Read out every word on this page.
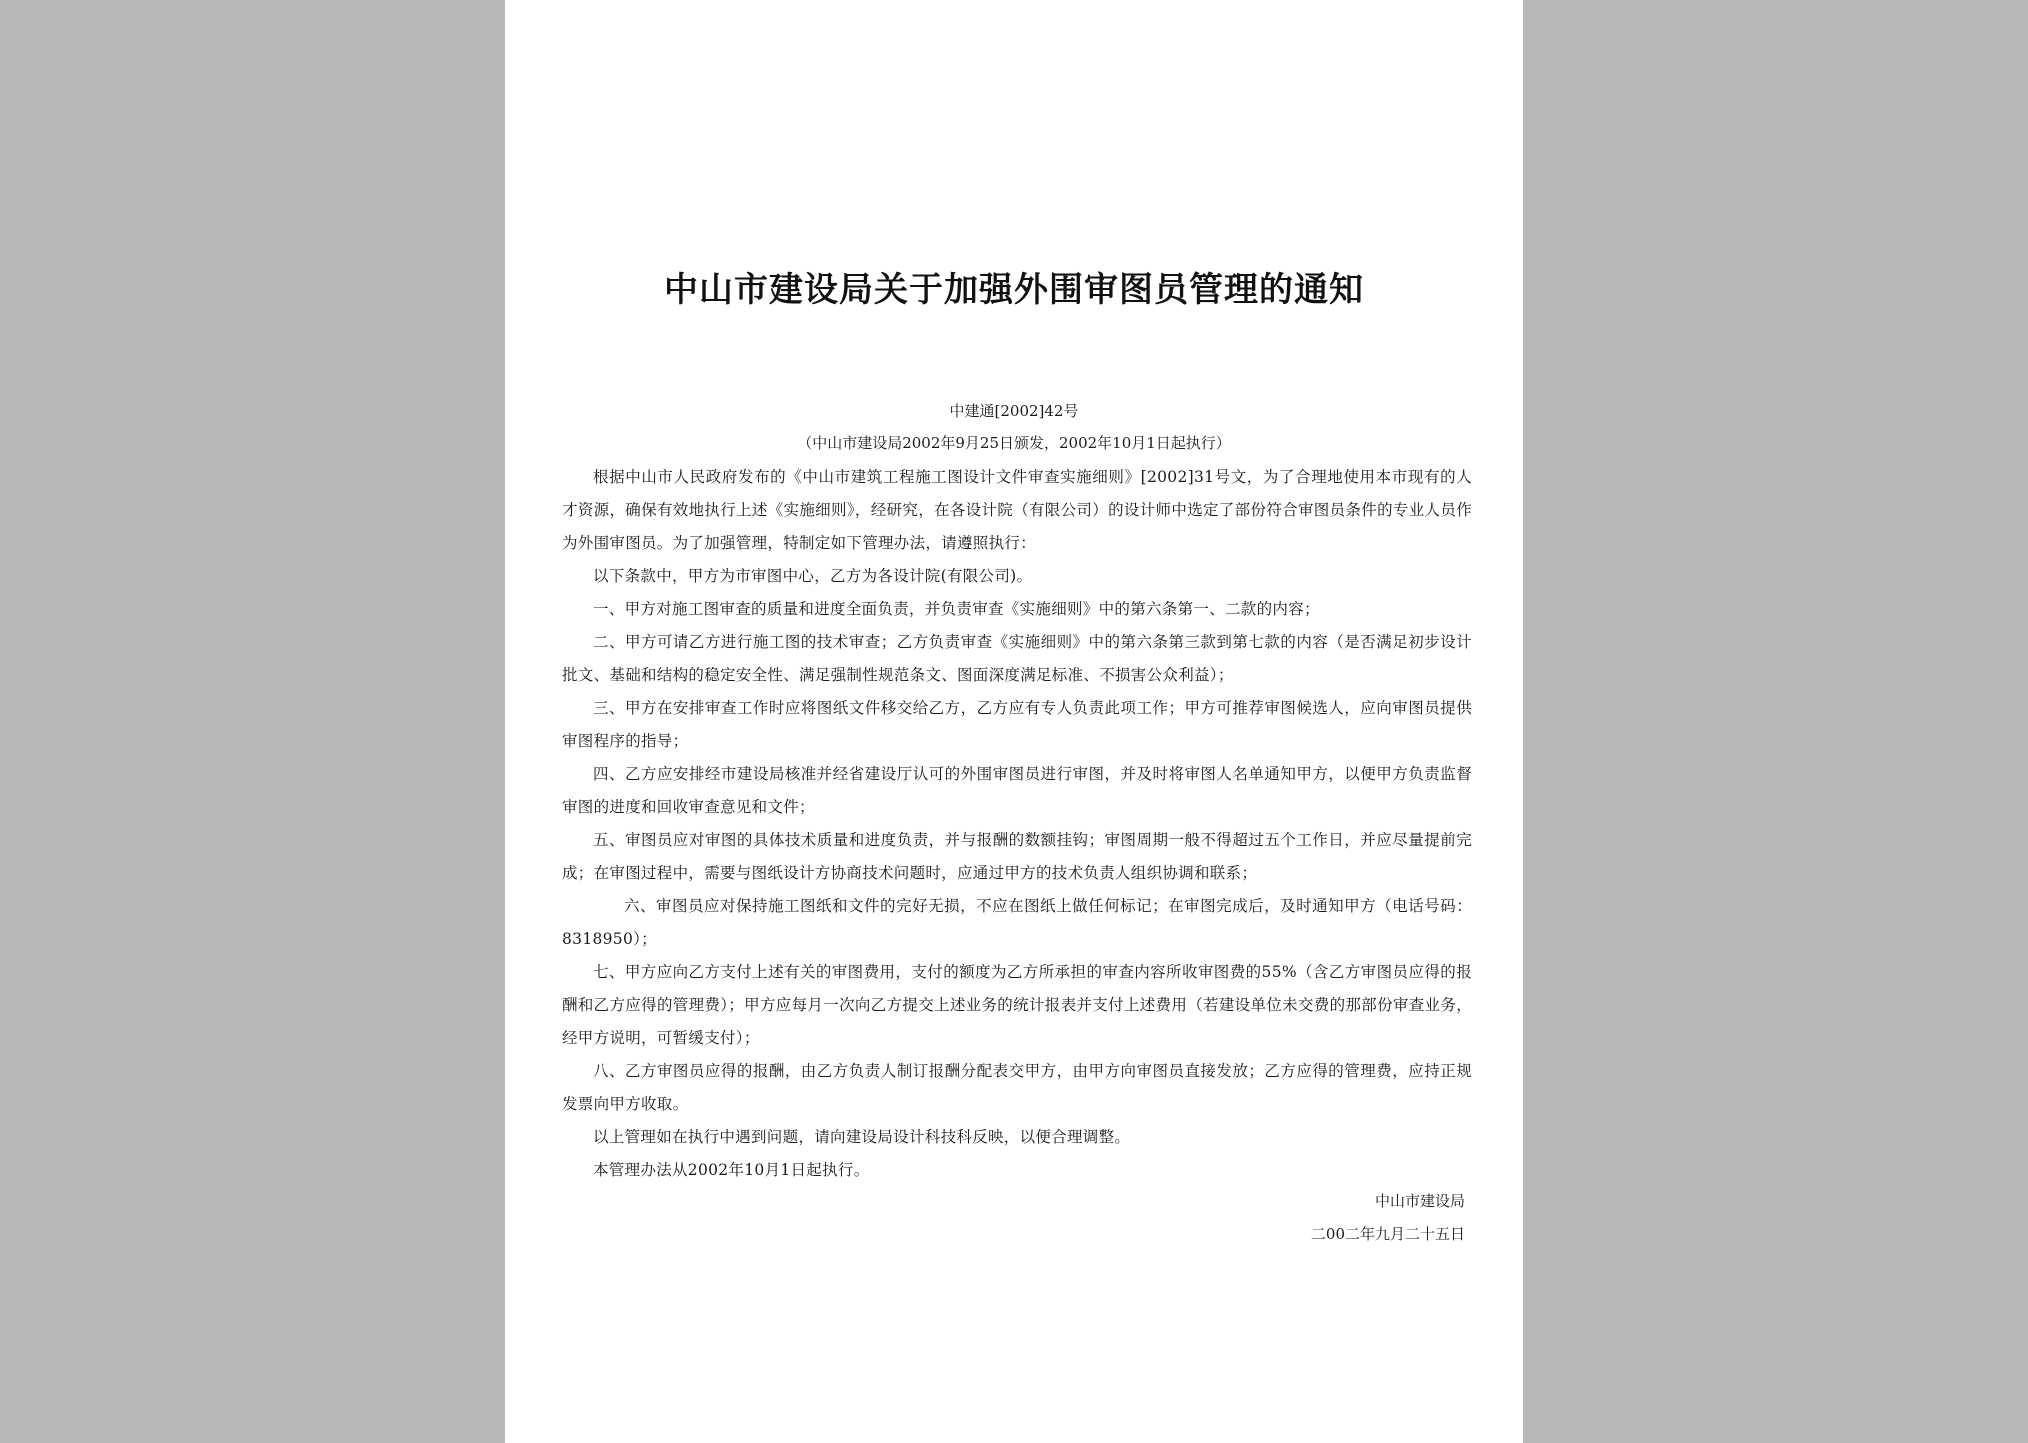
中山市建设局关于加强外围审图员管理的通知
中建通[2002]42号
（中山市建设局2002年9月25日颁发，2002年10月1日起执行）

根据中山市人民政府发布的《中山市建筑工程施工图设计文件审查实施细则》[2002]31号文，为了合理地使用本市现有的人才资源，确保有效地执行上述《实施细则》，经研究，在各设计院（有限公司）的设计师中选定了部份符合审图员条件的专业人员作为外围审图员。为了加强管理，特制定如下管理办法，请遵照执行：

以下条款中，甲方为市审图中心，乙方为各设计院(有限公司)。

一、甲方对施工图审查的质量和进度全面负责，并负责审查《实施细则》中的第六条第一、二款的内容；

二、甲方可请乙方进行施工图的技术审查；乙方负责审查《实施细则》中的第六条第三款到第七款的内容（是否满足初步设计批文、基础和结构的稳定安全性、满足强制性规范条文、图面深度满足标准、不损害公众利益）；

三、甲方在安排审查工作时应将图纸文件移交给乙方，乙方应有专人负责此项工作；甲方可推荐审图候选人，应向审图员提供审图程序的指导；

四、乙方应安排经市建设局核准并经省建设厅认可的外围审图员进行审图，并及时将审图人名单通知甲方，以便甲方负责监督审图的进度和回收审查意见和文件；

五、审图员应对审图的具体技术质量和进度负责，并与报酬的数额挂钩；审图周期一般不得超过五个工作日，并应尽量提前完成；在审图过程中，需要与图纸设计方协商技术问题时，应通过甲方的技术负责人组织协调和联系；

六、审图员应对保持施工图纸和文件的完好无损，不应在图纸上做任何标记；在审图完成后，及时通知甲方（电话号码：8318950）；

七、甲方应向乙方支付上述有关的审图费用，支付的额度为乙方所承担的审查内容所收审图费的55%（含乙方审图员应得的报酬和乙方应得的管理费）；甲方应每月一次向乙方提交上述业务的统计报表并支付上述费用（若建设单位未交费的那部份审查业务，经甲方说明，可暂缓支付）；

八、乙方审图员应得的报酬，由乙方负责人制订报酬分配表交甲方，由甲方向审图员直接发放；乙方应得的管理费，应持正规发票向甲方收取。

以上管理如在执行中遇到问题，请向建设局设计科技科反映，以便合理调整。

本管理办法从2002年10月1日起执行。

中山市建设局
二00二年九月二十五日
